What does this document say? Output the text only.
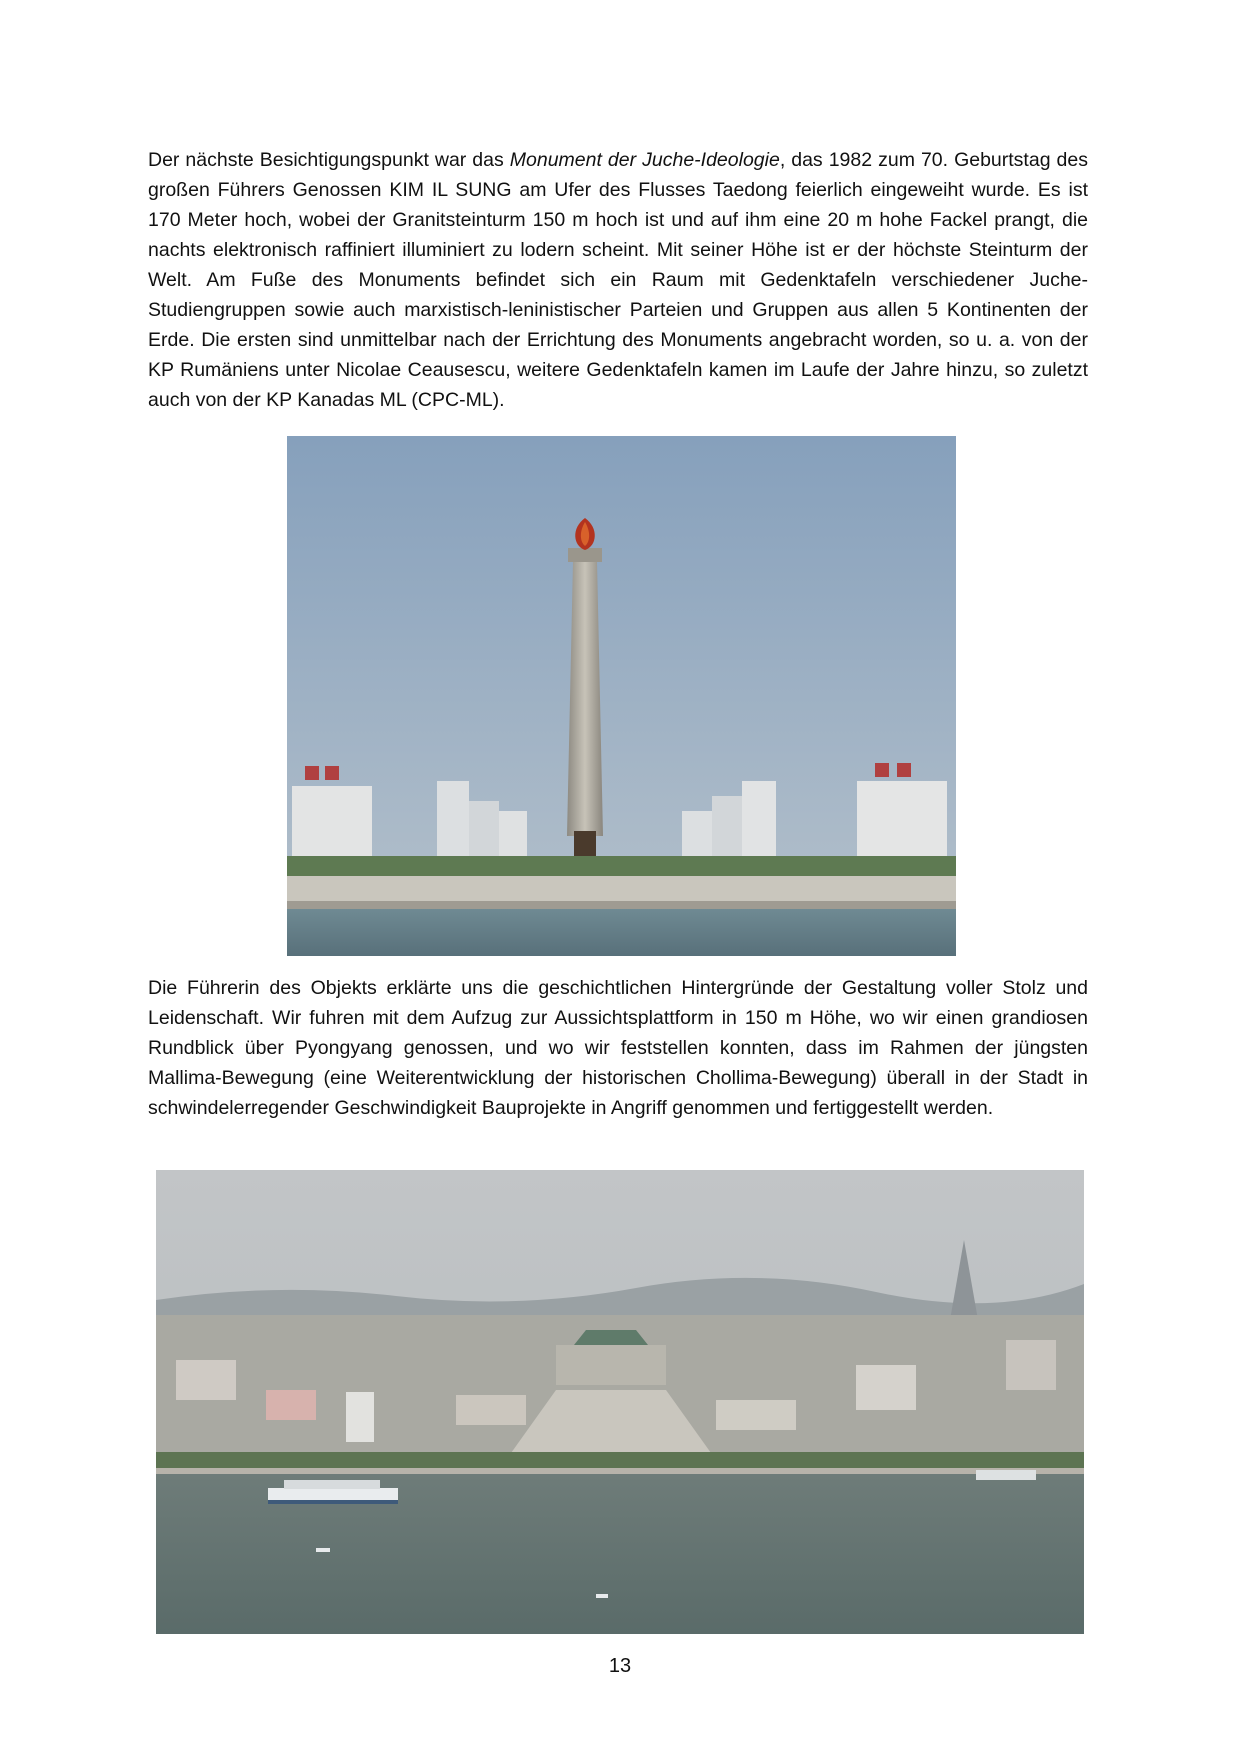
Der nächste Besichtigungspunkt war das Monument der Juche-Ideologie, das 1982 zum 70. Geburtstag des großen Führers Genossen KIM IL SUNG am Ufer des Flusses Taedong feierlich eingeweiht wurde. Es ist 170 Meter hoch, wobei der Granitsteinturm 150 m hoch ist und auf ihm eine 20 m hohe Fackel prangt, die nachts elektronisch raffiniert illuminiert zu lodern scheint. Mit seiner Höhe ist er der höchste Steinturm der Welt. Am Fuße des Monuments befindet sich ein Raum mit Gedenktafeln verschiedener Juche-Studiengruppen sowie auch marxistisch-leninistischer Parteien und Gruppen aus allen 5 Kontinenten der Erde. Die ersten sind unmittelbar nach der Errichtung des Monuments angebracht worden, so u. a. von der KP Rumäniens unter Nicolae Ceausescu, weitere Gedenktafeln kamen im Laufe der Jahre hinzu, so zuletzt auch von der KP Kanadas ML (CPC-ML).

Die Führerin des Objekts erklärte uns die geschichtlichen Hintergründe der Gestaltung voller Stolz und Leidenschaft. Wir fuhren mit dem Aufzug zur Aussichtsplattform in 150 m Höhe, wo wir einen grandiosen Rundblick über Pyongyang genossen, und wo wir feststellen konnten, dass im Rahmen der jüngsten Mallima-Bewegung (eine Weiterentwicklung der historischen Chollima-Bewegung) überall in der Stadt in schwindelerregender Geschwindigkeit Bauprojekte in Angriff genommen und fertiggestellt werden.

13
